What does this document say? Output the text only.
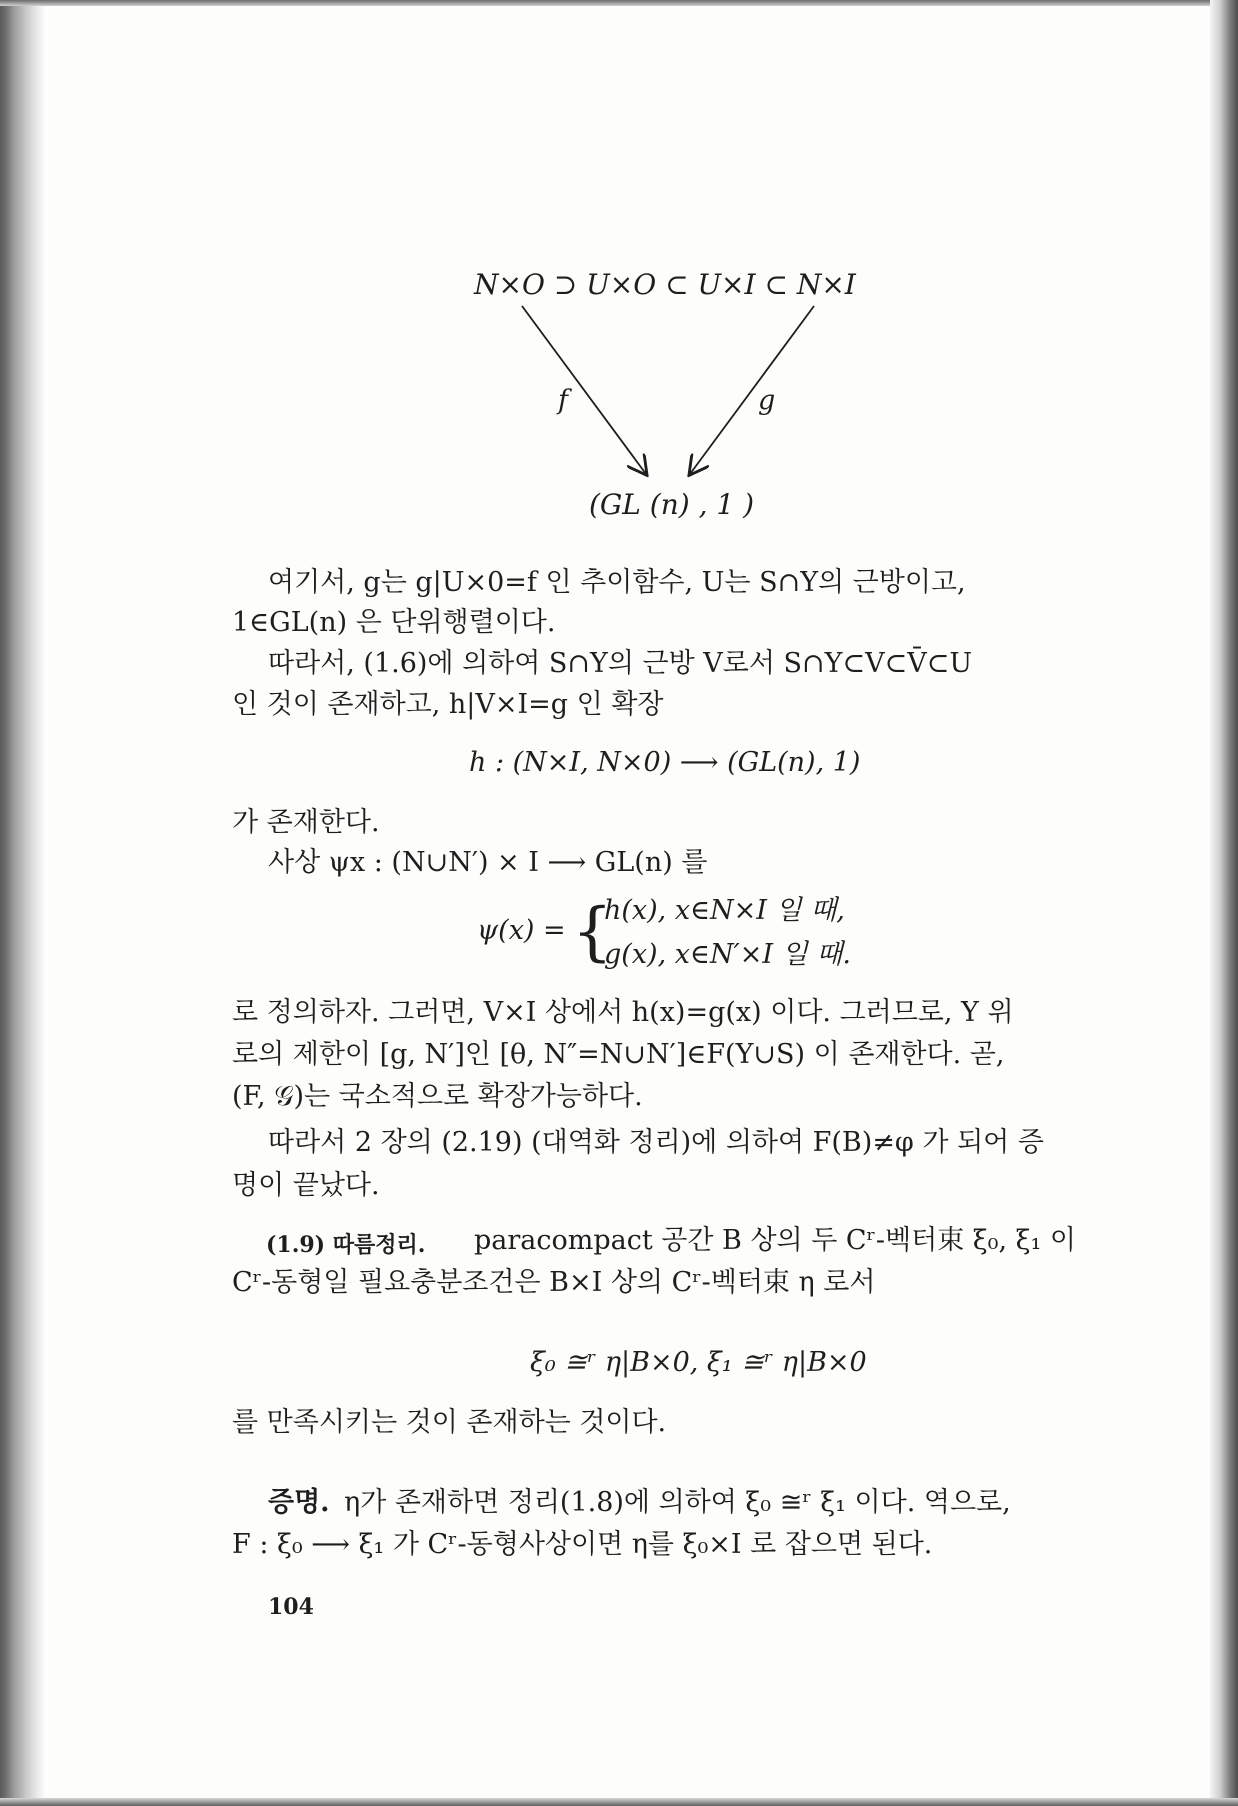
N×O ⊃ U×O ⊂ U×I ⊂ N×I
f	g
(GL (n) , 1 )
여기서, g는 g|U×0=f 인 추이함수, U는 S∩Y의 근방이고,
1∈GL(n) 은 단위행렬이다.
따라서, (1.6)에 의하여 S∩Y의 근방 V로서 S∩Y⊂V⊂V̄⊂U
인 것이 존재하고, h|V×I=g 인 확장
h : (N×I, N×0) ⟶ (GL(n), 1)
가 존재한다.
사상 ψx : (N∪N′) × I ⟶ GL(n) 를
ψ(x) = {
h(x), x∈N×I 일 때,
g(x), x∈N′×I 일 때.
로 정의하자. 그러면, V×I 상에서 h(x)=g(x) 이다. 그러므로, Y 위
로의 제한이 [g, N′]인 [θ, N″=N∪N′]∈F(Y∪S) 이 존재한다. 곧,
(F, 𝒢)는 국소적으로 확장가능하다.
따라서 2 장의 (2.19) (대역화 정리)에 의하여 F(B)≠φ 가 되어 증
명이 끝났다.
(1.9) 따름정리. paracompact 공간 B 상의 두 Cʳ-벡터束 ξ₀, ξ₁ 이
Cʳ-동형일 필요충분조건은 B×I 상의 Cʳ-벡터束 η 로서
ξ₀ ≅ʳ η|B×0, ξ₁ ≅ʳ η|B×0
를 만족시키는 것이 존재하는 것이다.
증명. η가 존재하면 정리(1.8)에 의하여 ξ₀ ≅ʳ ξ₁ 이다. 역으로,
F : ξ₀ ⟶ ξ₁ 가 Cʳ-동형사상이면 η를 ξ₀×I 로 잡으면 된다.
104
